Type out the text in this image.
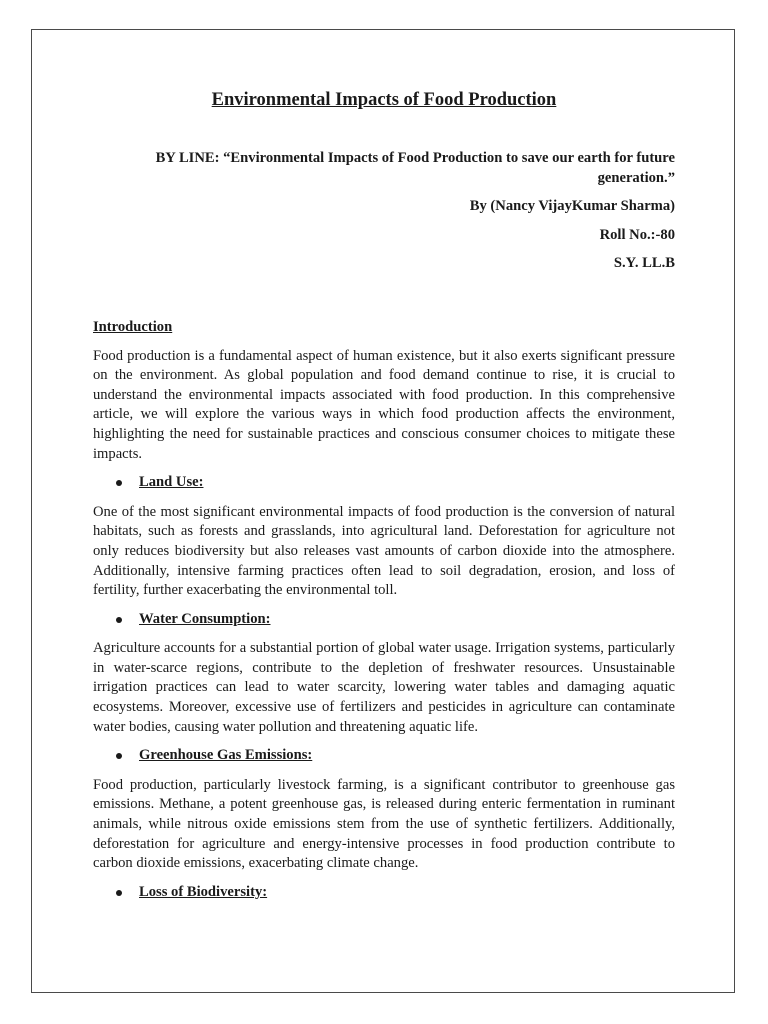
Environmental Impacts of Food Production
BY LINE: “Environmental Impacts of Food Production to save our earth for future generation.”
By (Nancy VijayKumar Sharma)
Roll No.:-80
S.Y. LL.B
Introduction

Food production is a fundamental aspect of human existence, but it also exerts significant pressure on the environment. As global population and food demand continue to rise, it is crucial to understand the environmental impacts associated with food production. In this comprehensive article, we will explore the various ways in which food production affects the environment, highlighting the need for sustainable practices and conscious consumer choices to mitigate these impacts.

Land Use:

One of the most significant environmental impacts of food production is the conversion of natural habitats, such as forests and grasslands, into agricultural land. Deforestation for agriculture not only reduces biodiversity but also releases vast amounts of carbon dioxide into the atmosphere. Additionally, intensive farming practices often lead to soil degradation, erosion, and loss of fertility, further exacerbating the environmental toll.

Water Consumption:

Agriculture accounts for a substantial portion of global water usage. Irrigation systems, particularly in water-scarce regions, contribute to the depletion of freshwater resources. Unsustainable irrigation practices can lead to water scarcity, lowering water tables and damaging aquatic ecosystems. Moreover, excessive use of fertilizers and pesticides in agriculture can contaminate water bodies, causing water pollution and threatening aquatic life.

Greenhouse Gas Emissions:

Food production, particularly livestock farming, is a significant contributor to greenhouse gas emissions. Methane, a potent greenhouse gas, is released during enteric fermentation in ruminant animals, while nitrous oxide emissions stem from the use of synthetic fertilizers. Additionally, deforestation for agriculture and energy-intensive processes in food production contribute to carbon dioxide emissions, exacerbating climate change.

Loss of Biodiversity:
